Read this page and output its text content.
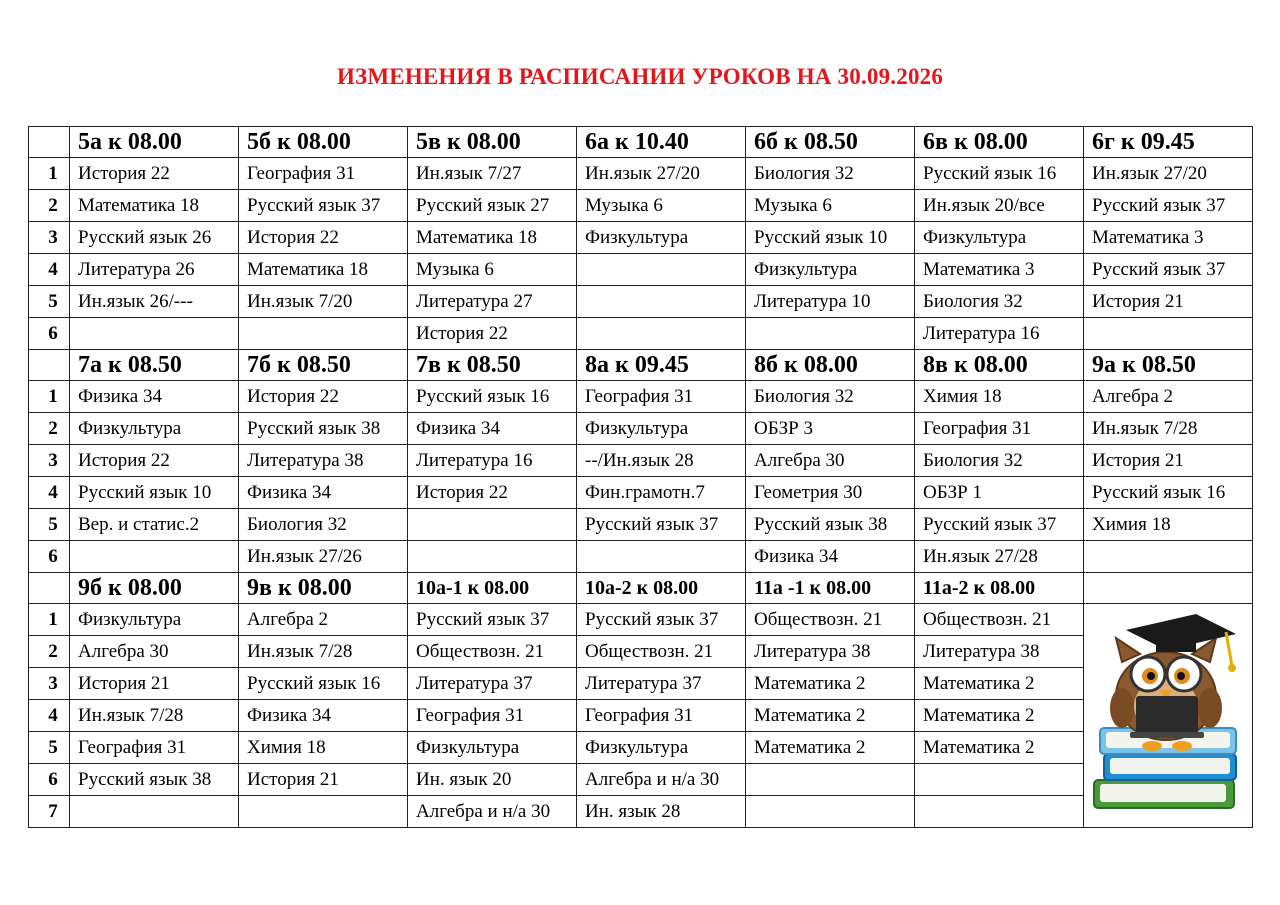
ИЗМЕНЕНИЯ В РАСПИСАНИИ УРОКОВ НА 30.09.2026
	5а к 08.00	5б к 08.00	5в к 08.00	6а к 10.40	6б к 08.50	6в к 08.00	6г к 09.45
1	История 22	География 31	Ин.язык 7/27	Ин.язык 27/20	Биология 32	Русский язык 16	Ин.язык 27/20
2	Математика 18	Русский язык 37	Русский язык 27	Музыка 6	Музыка 6	Ин.язык 20/все	Русский язык 37
3	Русский язык 26	История 22	Математика 18	Физкультура	Русский язык 10	Физкультура	Математика 3
4	Литература 26	Математика 18	Музыка 6		Физкультура	Математика 3	Русский язык 37
5	Ин.язык 26/---	Ин.язык 7/20	Литература 27		Литература 10	Биология 32	История 21
6			История 22			Литература 16	
	7а к 08.50	7б к 08.50	7в к 08.50	8а к 09.45	8б к 08.00	8в к 08.00	9а к 08.50
1	Физика 34	История 22	Русский язык 16	География 31	Биология 32	Химия 18	Алгебра 2
2	Физкультура	Русский язык 38	Физика 34	Физкультура	ОБЗР 3	География 31	Ин.язык 7/28
3	История 22	Литература 38	Литература 16	--/Ин.язык 28	Алгебра 30	Биология 32	История 21
4	Русский язык 10	Физика 34	История 22	Фин.грамотн.7	Геометрия 30	ОБЗР 1	Русский язык 16
5	Вер. и статис.2	Биология 32		Русский язык 37	Русский язык 38	Русский язык 37	Химия 18
6		Ин.язык 27/26			Физика 34	Ин.язык 27/28	
	9б к 08.00	9в к 08.00	10а-1 к 08.00	10а-2 к 08.00	11а -1 к 08.00	11а-2 к 08.00	
1	Физкультура	Алгебра 2	Русский язык 37	Русский язык 37	Обществозн. 21	Обществозн. 21	

2	Алгебра 30	Ин.язык 7/28	Обществозн. 21	Обществозн. 21	Литература 38	Литература 38	
3	История 21	Русский язык 16	Литература 37	Литература 37	Математика 2	Математика 2	
4	Ин.язык 7/28	Физика 34	География 31	География 31	Математика 2	Математика 2	
5	География 31	Химия 18	Физкультура	Физкультура	Математика 2	Математика 2	
6	Русский язык 38	История 21	Ин. язык 20	Алгебра и н/а 30			
7			Алгебра и н/а 30	Ин. язык 28			
